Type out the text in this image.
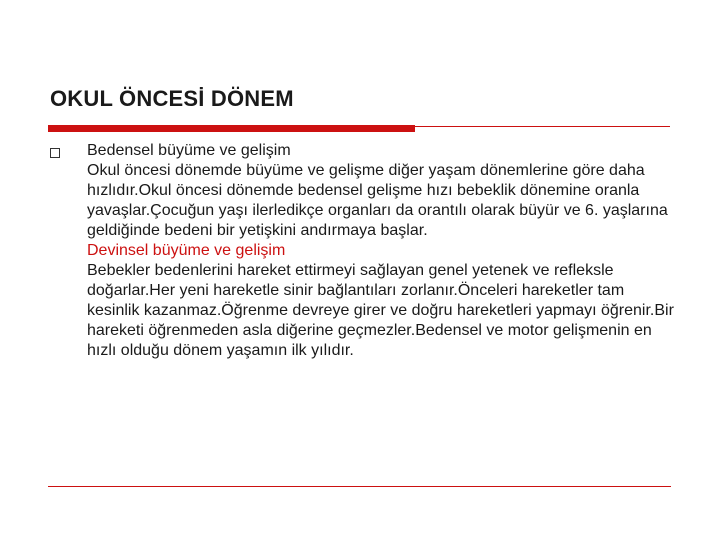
OKUL ÖNCESİ DÖNEM
Bedensel büyüme ve gelişim
Okul öncesi dönemde büyüme ve gelişme diğer yaşam dönemlerine göre daha hızlıdır.Okul öncesi dönemde bedensel gelişme hızı bebeklik dönemine oranla yavaşlar.Çocuğun yaşı ilerledikçe organları da orantılı olarak büyür ve 6. yaşlarına geldiğinde bedeni bir yetişkini andırmaya başlar.
Devinsel büyüme ve gelişim
Bebekler bedenlerini hareket ettirmeyi sağlayan genel yetenek ve reflekslе doğarlar.Her yeni hareketle sinir bağlantıları zorlanır.Önceleri hareketler tam kesinlik kazanmaz.Öğrenme devreye girer ve doğru hareketleri yapmayı öğrenir.Bir hareketi öğrenmeden asla diğerine geçmezler.Bedensel ve motor gelişmenin en hızlı olduğu dönem yaşamın ilk yılıdır.
